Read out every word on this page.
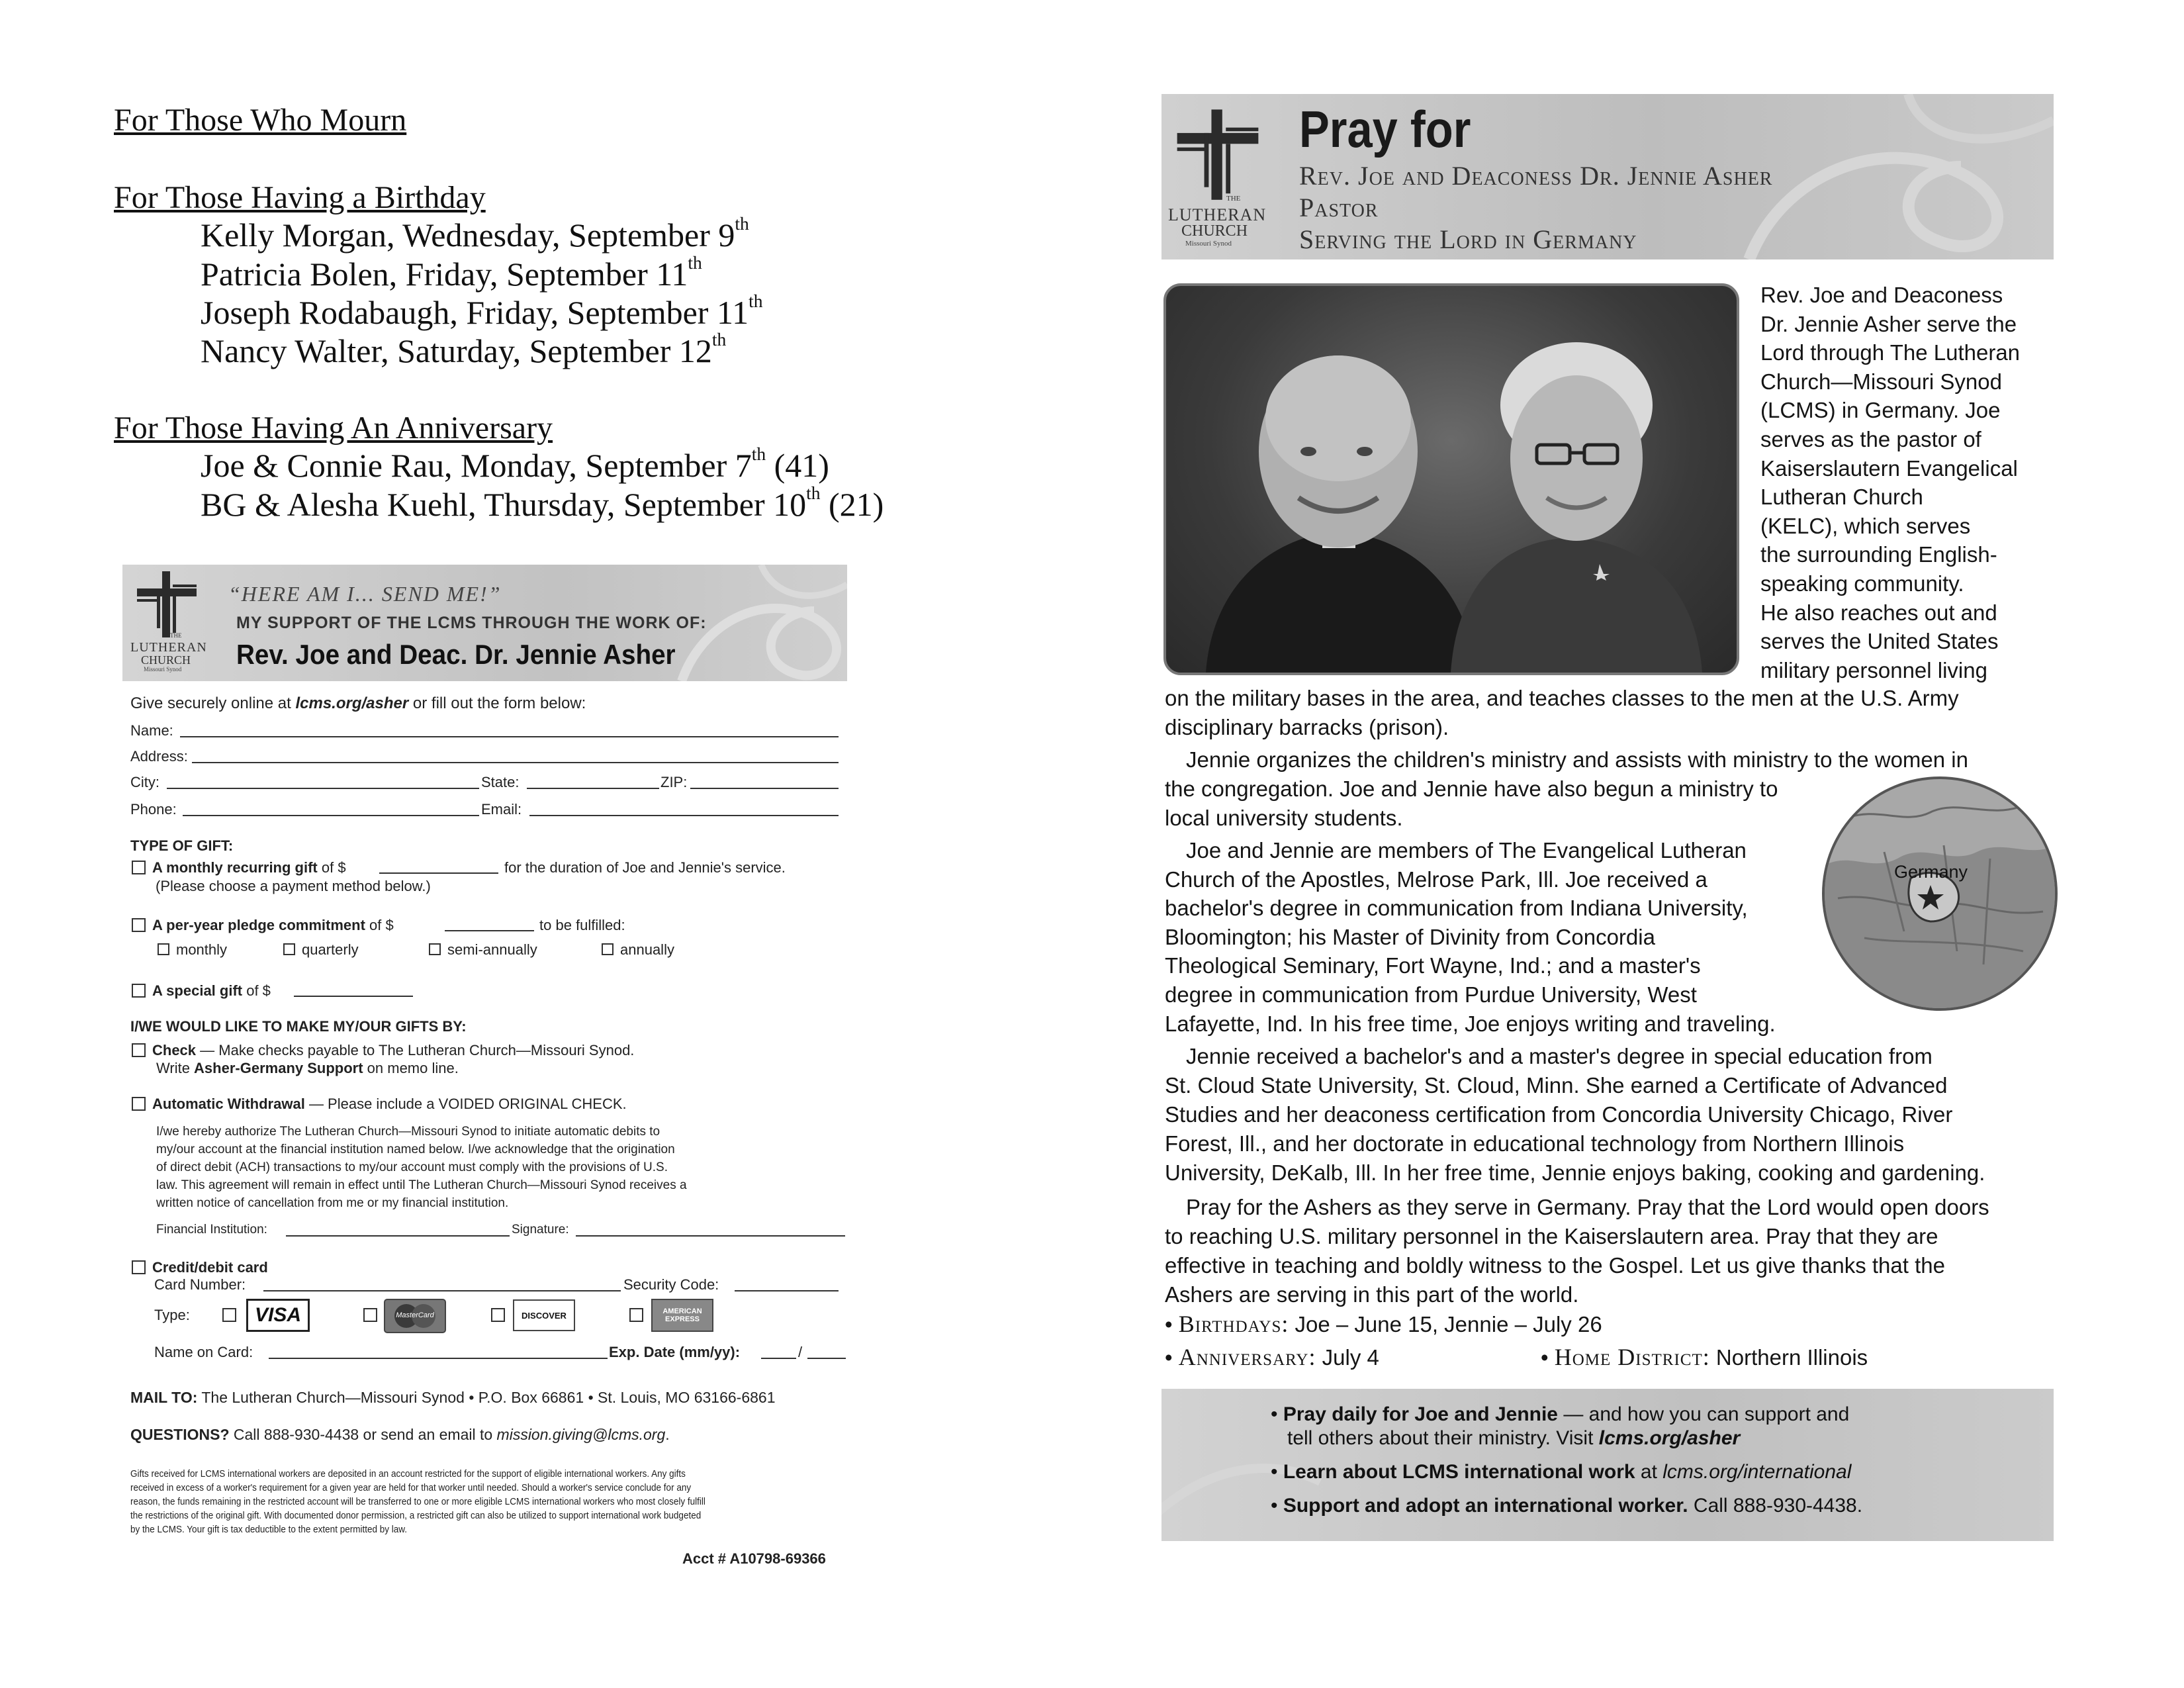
For Those Who Mourn
For Those Having a Birthday
Kelly Morgan, Wednesday, September 9th
Patricia Bolen, Friday, September 11th
Joseph Rodabaugh, Friday, September 11th
Nancy Walter, Saturday, September 12th
For Those Having An Anniversary
Joe & Connie Rau, Monday, September 7th (41)
BG & Alesha Kuehl, Thursday, September 10th (21)
THE
LUTHERAN
CHURCH
Missouri Synod
“HERE AM I... SEND ME!”
MY SUPPORT OF THE LCMS THROUGH THE WORK OF:
Rev. Joe and Deac. Dr. Jennie Asher
Give securely online at lcms.org/asher or fill out the form below:
Name:
Address:
City:	State:	ZIP:
Phone:	Email:
TYPE OF GIFT:
A monthly recurring gift of $	for the duration of Joe and Jennie's service.
(Please choose a payment method below.)
A per-year pledge commitment of $	to be fulfilled:
monthly	quarterly	semi-annually	annually
A special gift of $
I/WE WOULD LIKE TO MAKE MY/OUR GIFTS BY:
Check — Make checks payable to The Lutheran Church—Missouri Synod.
Write Asher-Germany Support on memo line.
Automatic Withdrawal — Please include a VOIDED ORIGINAL CHECK.
I/we hereby authorize The Lutheran Church—Missouri Synod to initiate automatic debits to
my/our account at the financial institution named below. I/we acknowledge that the origination
of direct debit (ACH) transactions to my/our account must comply with the provisions of U.S.
law. This agreement will remain in effect until The Lutheran Church—Missouri Synod receives a
written notice of cancellation from me or my financial institution.
Financial Institution:	Signature:
Credit/debit card
Card Number:	Security Code:
Type:	VISA	MasterCard	DISCOVER	AMERICAN EXPRESS
Name on Card:	Exp. Date (mm/yy):	/
MAIL TO: The Lutheran Church—Missouri Synod • P.O. Box 66861 • St. Louis, MO 63166-6861
QUESTIONS? Call 888-930-4438 or send an email to mission.giving@lcms.org.
Gifts received for LCMS international workers are deposited in an account restricted for the support of eligible international workers. Any gifts
received in excess of a worker's requirement for a given year are held for that worker until needed. Should a worker's service conclude for any
reason, the funds remaining in the restricted account will be transferred to one or more eligible LCMS international workers who most closely fulfill
the restrictions of the original gift. With documented donor permission, a restricted gift can also be utilized to support international work budgeted
by the LCMS. Your gift is tax deductible to the extent permitted by law.
Acct # A10798-69366
THE
LUTHERAN
CHURCH
Missouri Synod
Pray for
Rev. Joe and Deaconess Dr. Jennie Asher
Pastor
Serving the Lord in Germany
Rev. Joe and Deaconess
Dr. Jennie Asher serve the
Lord through The Lutheran
Church—Missouri Synod
(LCMS) in Germany. Joe
serves as the pastor of
Kaiserslautern Evangelical
Lutheran Church
(KELC), which serves
the surrounding English-
speaking community.
He also reaches out and
serves the United States
military personnel living
on the military bases in the area, and teaches classes to the men at the U.S. Army
disciplinary barracks (prison).
Jennie organizes the children's ministry and assists with ministry to the women in
the congregation. Joe and Jennie have also begun a ministry to
local university students.
Germany
Joe and Jennie are members of The Evangelical Lutheran
Church of the Apostles, Melrose Park, Ill. Joe received a
bachelor's degree in communication from Indiana University,
Bloomington; his Master of Divinity from Concordia
Theological Seminary, Fort Wayne, Ind.; and a master's
degree in communication from Purdue University, West
Lafayette, Ind. In his free time, Joe enjoys writing and traveling.
Jennie received a bachelor's and a master's degree in special education from
St. Cloud State University, St. Cloud, Minn. She earned a Certificate of Advanced
Studies and her deaconess certification from Concordia University Chicago, River
Forest, Ill., and her doctorate in educational technology from Northern Illinois
University, DeKalb, Ill. In her free time, Jennie enjoys baking, cooking and gardening.
Pray for the Ashers as they serve in Germany. Pray that the Lord would open doors
to reaching U.S. military personnel in the Kaiserslautern area. Pray that they are
effective in teaching and boldly witness to the Gospel. Let us give thanks that the
Ashers are serving in this part of the world.
• Birthdays: Joe – June 15, Jennie – July 26
• Anniversary: July 4	• Home District: Northern Illinois
• Pray daily for Joe and Jennie — and how you can support and
tell others about their ministry. Visit lcms.org/asher
• Learn about LCMS international work at lcms.org/international
• Support and adopt an international worker. Call 888-930-4438.
